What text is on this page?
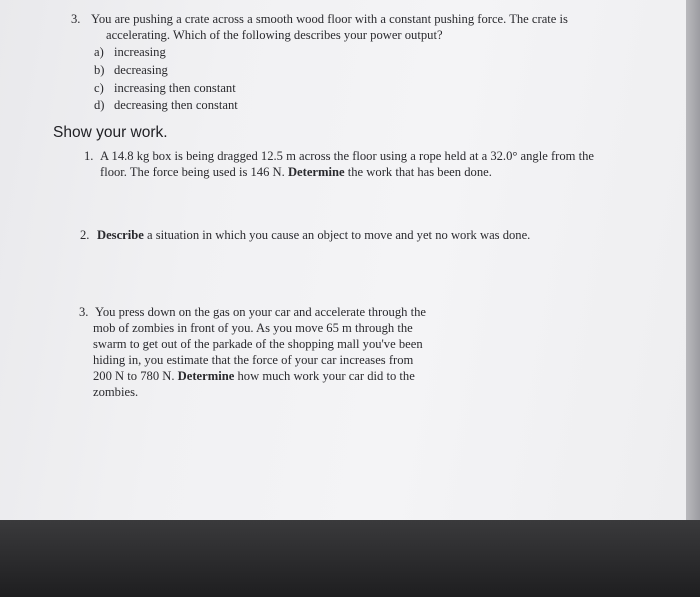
3. You are pushing a crate across a smooth wood floor with a constant pushing force. The crate is
accelerating. Which of the following describes your power output?
a) increasing
b) decreasing
c) increasing then constant
d) decreasing then constant
Show your work.
1. A 14.8 kg box is being dragged 12.5 m across the floor using a rope held at a 32.0° angle from the
floor. The force being used is 146 N. Determine the work that has been done.
2. Describe a situation in which you cause an object to move and yet no work was done.
3. You press down on the gas on your car and accelerate through the
mob of zombies in front of you. As you move 65 m through the
swarm to get out of the parkade of the shopping mall you've been
hiding in, you estimate that the force of your car increases from
200 N to 780 N. Determine how much work your car did to the
zombies.
